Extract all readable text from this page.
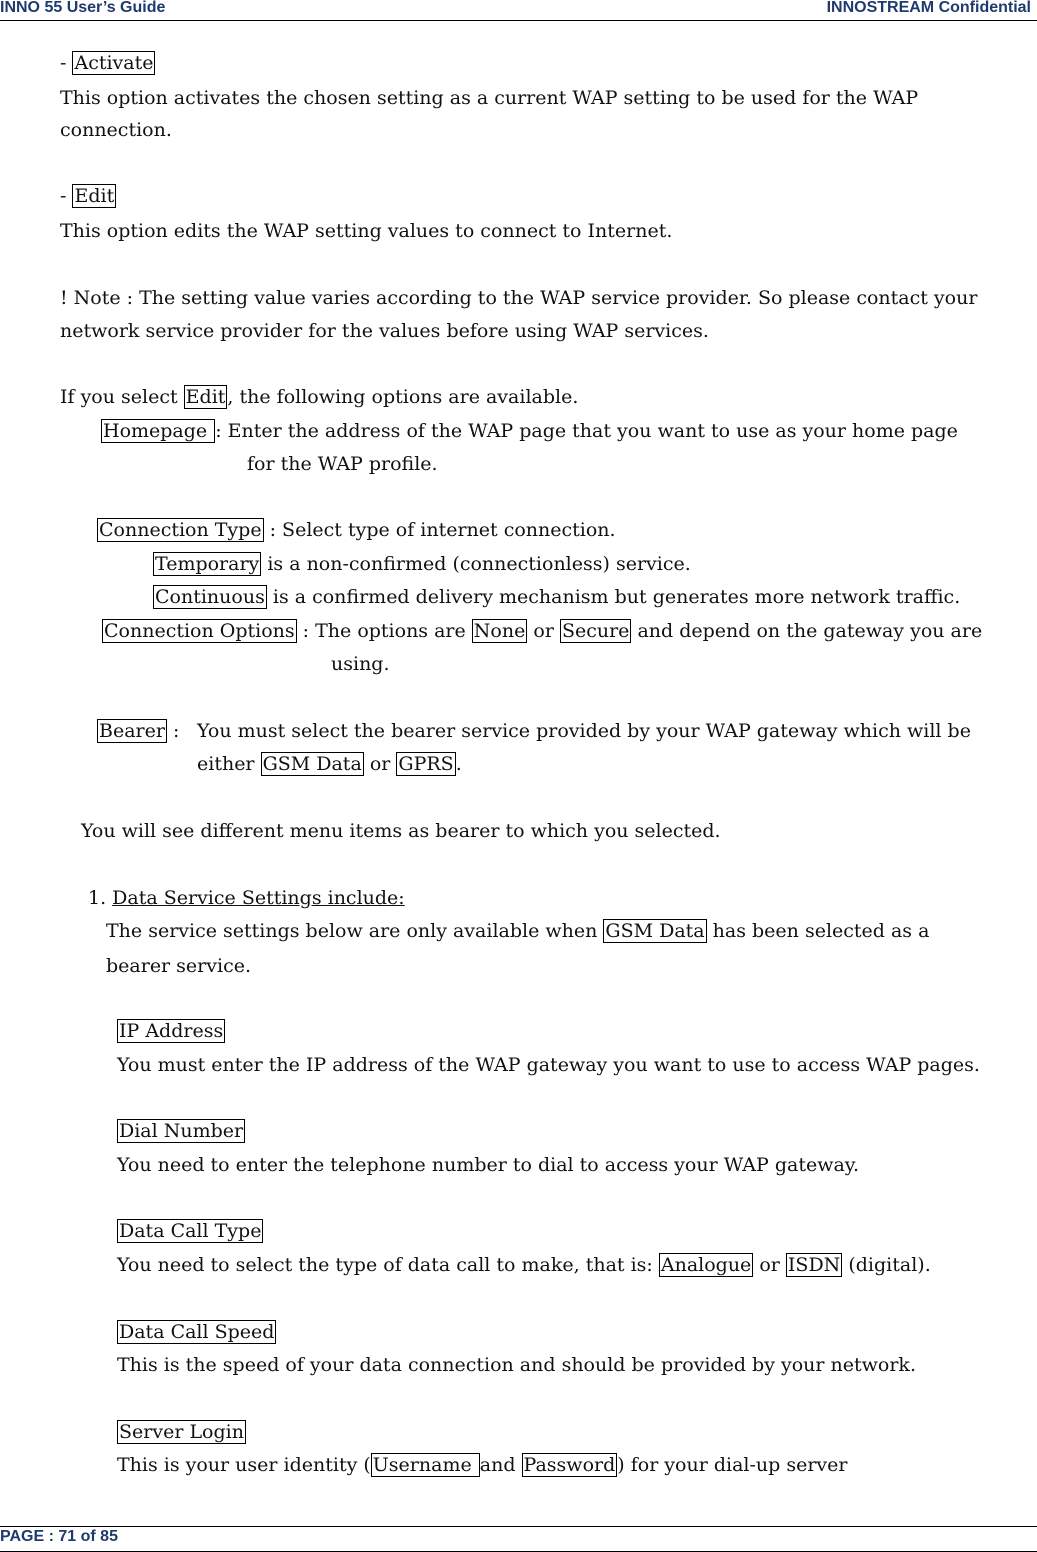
INNO 55 User’s Guide	INNOSTREAM Confidential
- Activate
This option activates the chosen setting as a current WAP setting to be used for the WAP
connection.
- Edit
This option edits the WAP setting values to connect to Internet.
! Note : The setting value varies according to the WAP service provider. So please contact your
network service provider for the values before using WAP services.
If you select Edit , the following options are available.
Homepage : Enter the address of the WAP page that you want to use as your home page
for the WAP profile.
Connection Type : Select type of internet connection.
Temporary is a non-confirmed (connectionless) service.
Continuous is a confirmed delivery mechanism but generates more network traffic.
Connection Options : The options are None or Secure and depend on the gateway you are
using.
Bearer : You must select the bearer service provided by your WAP gateway which will be
either GSM Data or GPRS .
You will see different menu items as bearer to which you selected.
1. Data Service Settings include:
The service settings below are only available when GSM Data has been selected as a
bearer service.
IP Address
You must enter the IP address of the WAP gateway you want to use to access WAP pages.
Dial Number
You need to enter the telephone number to dial to access your WAP gateway.
Data Call Type
You need to select the type of data call to make, that is: Analogue or ISDN (digital).
Data Call Speed
This is the speed of your data connection and should be provided by your network.
Server Login
This is your user identity ( Username and Password ) for your dial-up server
PAGE : 71 of 85
